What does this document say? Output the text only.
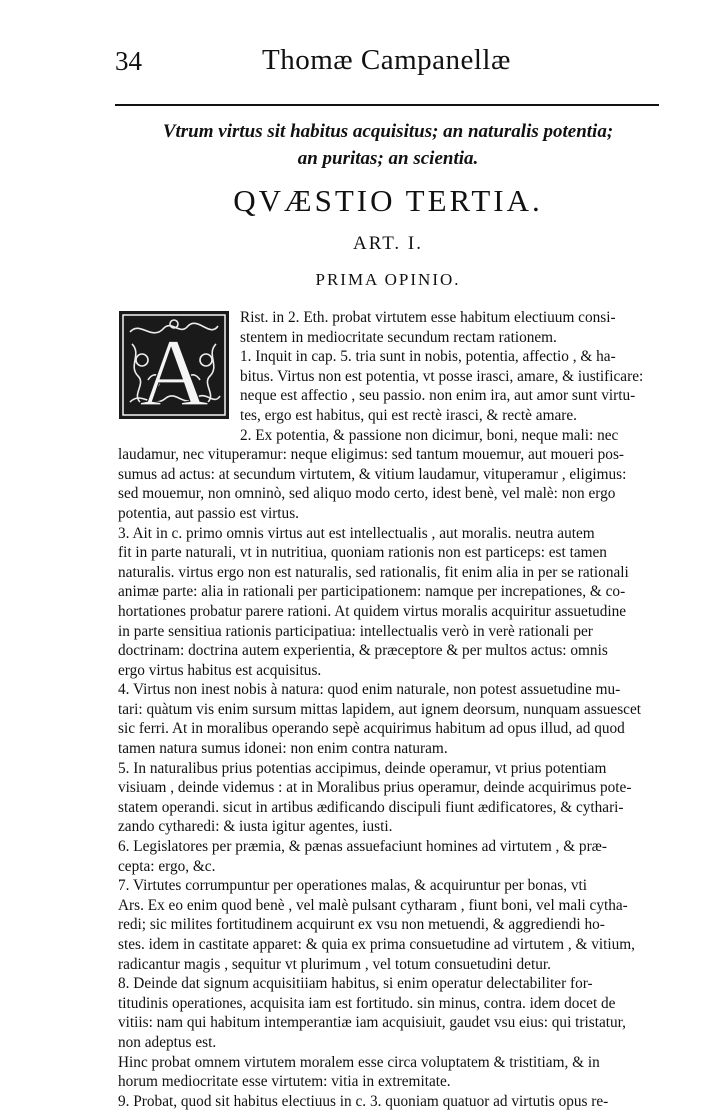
34	Thomæ Campanellæ
Vtrum virtus sit habitus acquisitus; an naturalis potentia;
an puritas; an scientia.
QVÆSTIO TERTIA.
ART. I.
PRIMA OPINIO.
A
Rist. in 2. Eth. probat virtutem esse habitum electiuum consi-
stentem in mediocritate secundum rectam rationem.
1. Inquit in cap. 5. tria sunt in nobis, potentia, affectio , & ha-
bitus. Virtus non est potentia, vt posse irasci, amare, & iustificare:
neque est affectio , seu passio. non enim ira, aut amor sunt virtu-
tes, ergo est habitus, qui est rectè irasci, & rectè amare.
2. Ex potentia, & passione non dicimur, boni, neque mali: nec
laudamur, nec vituperamur: neque eligimus: sed tantum mouemur, aut moueri pos-
sumus ad actus: at secundum virtutem, & vitium laudamur, vituperamur , eligimus:
sed mouemur, non omninò, sed aliquo modo certo, idest benè, vel malè: non ergo
potentia, aut passio est virtus.
3. Ait in c. primo omnis virtus aut est intellectualis , aut moralis. neutra autem
fit in parte naturali, vt in nutritiua, quoniam rationis non est particeps: est tamen
naturalis. virtus ergo non est naturalis, sed rationalis, fit enim alia in per se rationali
animæ parte: alia in rationali per participationem: namque per increpationes, & co-
hortationes probatur parere rationi. At quidem virtus moralis acquiritur assuetudine
in parte sensitiua rationis participatiua: intellectualis verò in verè rationali per
doctrinam: doctrina autem experientia, & præceptore & per multos actus: omnis
ergo virtus habitus est acquisitus.
4. Virtus non inest nobis à natura: quod enim naturale, non potest assuetudine mu-
tari: quàtum vis enim sursum mittas lapidem, aut ignem deorsum, nunquam assuescet
sic ferri. At in moralibus operando sepè acquirimus habitum ad opus illud, ad quod
tamen natura sumus idonei: non enim contra naturam.
5. In naturalibus prius potentias accipimus, deinde operamur, vt prius potentiam
visiuam , deinde videmus : at in Moralibus prius operamur, deinde acquirimus pote-
statem operandi. sicut in artibus ædificando discipuli fiunt ædificatores, & cythari-
zando cytharedi: & iusta igitur agentes, iusti.
6. Legislatores per præmia, & pænas assuefaciunt homines ad virtutem , & præ-
cepta: ergo, &c.
7. Virtutes corrumpuntur per operationes malas, & acquiruntur per bonas, vti
Ars. Ex eo enim quod benè , vel malè pulsant cytharam , fiunt boni, vel mali cytha-
redi; sic milites fortitudinem acquirunt ex vsu non metuendi, & aggrediendi ho-
stes. idem in castitate apparet: & quia ex prima consuetudine ad virtutem , & vitium,
radicantur magis , sequitur vt plurimum , vel totum consuetudini detur.
8. Deinde dat signum acquisitiiam habitus, si enim operatur delectabiliter for-
titudinis operationes, acquisita iam est fortitudo. sin minus, contra. idem docet de
vitiis: nam qui habitum intemperantiæ iam acquisiuit, gaudet vsu eius: qui tristatur,
non adeptus est.
Hinc probat omnem virtutem moralem esse circa voluptatem & tristitiam, & in
horum mediocritate esse virtutem: vitia in extremitate.
9. Probat, quod sit habitus electiuus in c. 3. quoniam quatuor ad virtutis opus re-
